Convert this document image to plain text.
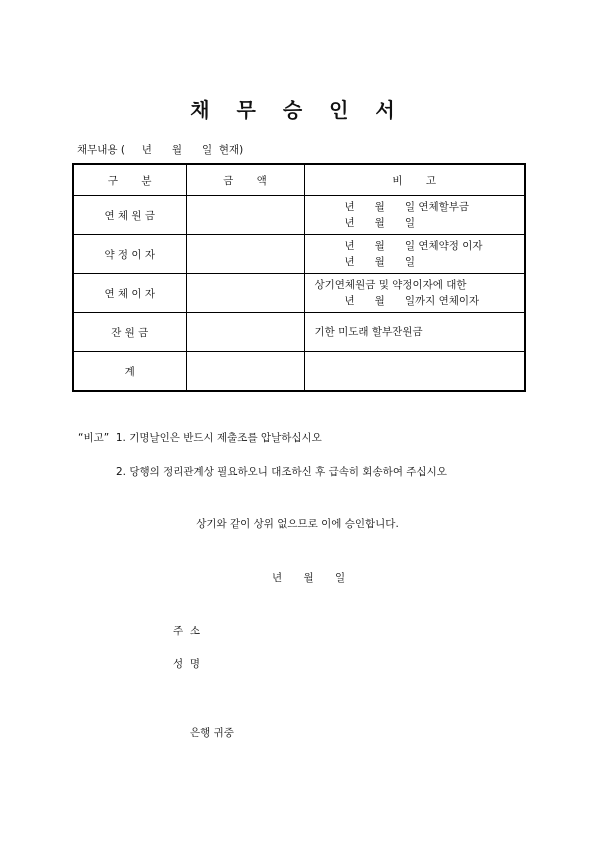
채 무 승 인 서
채무내용 (     년      월      일  현재)
구       분	금       액	비       고
연 체 원 금		년      월      일 연체할부금
년      월      일

약 정 이 자		년      월      일 연체약정 이자
년      월      일

연 체 이 자		상기연체원금 및 약정이자에 대한
년      월      일까지 연체이자

잔 원 금		기한 미도래 할부잔원금

계		
“비고”  1. 기명날인은 반드시 제출조를 압날하십시오
2. 당행의 정리관계상 필요하오니 대조하신 후 급속히 회송하여 주십시오
상기와 같이 상위 없으므로 이에 승인합니다.
년 월 일
주  소
성  명
은행 귀중
